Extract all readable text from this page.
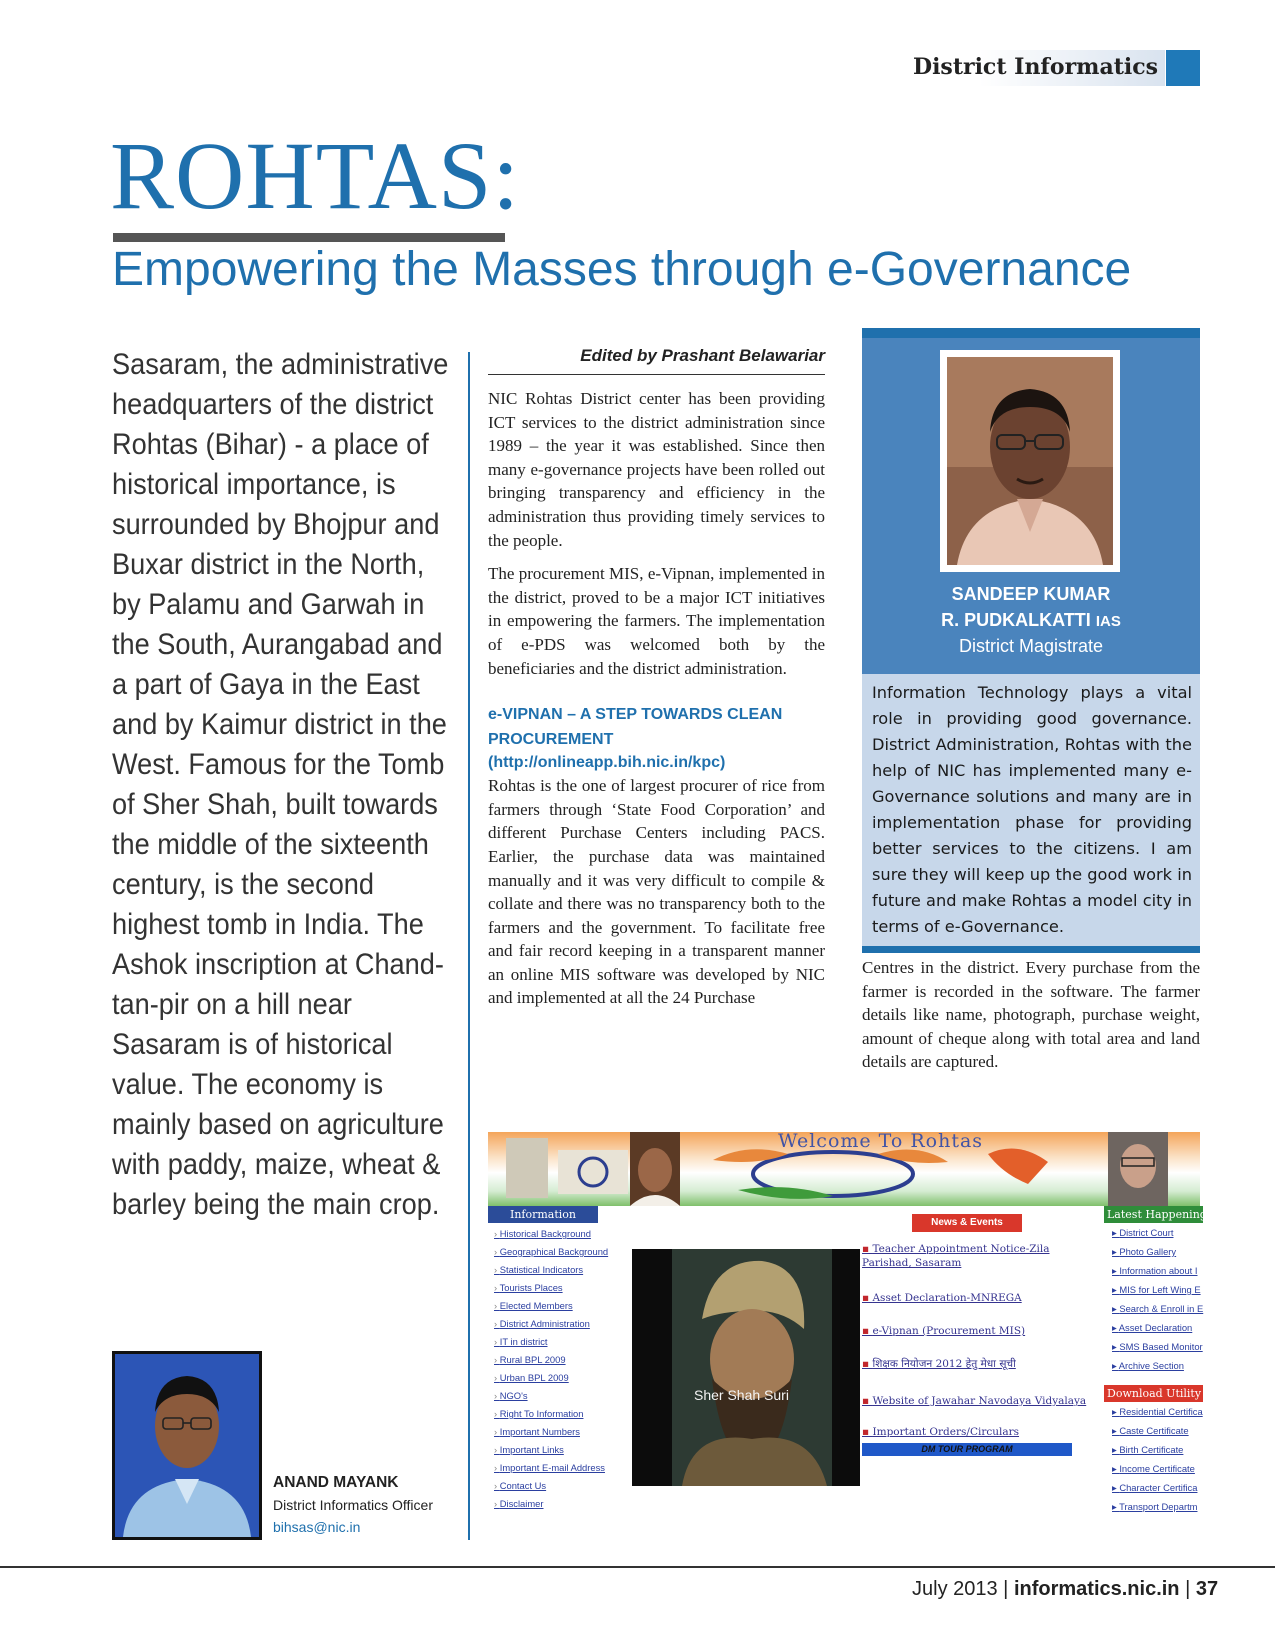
District Informatics
ROHTAS:
Empowering the Masses through e-Governance
Sasaram, the administrative headquarters of the district Rohtas (Bihar) - a place of historical importance, is surrounded by Bhojpur and Buxar district in the North, by Palamu and Garwah in the South, Aurangabad and a part of Gaya in the East and by Kaimur district in the West. Famous for the Tomb of Sher Shah, built towards the middle of the sixteenth century, is the second highest tomb in India. The Ashok inscription at Chand-tan-pir on a hill near Sasaram is of historical value. The economy is mainly based on agriculture with paddy, maize, wheat & barley being the main crop.
Edited by Prashant Belawariar

NIC Rohtas District center has been providing ICT services to the district administration since 1989 – the year it was established. Since then many e-governance projects have been rolled out bringing transparency and efficiency in the administration thus providing timely services to the people.

The procurement MIS, e-Vipnan, implemented in the district, proved to be a major ICT initiatives in empowering the farmers. The implementation of e-PDS was welcomed both by the beneficiaries and the district administration.

e-VIPNAN – A STEP TOWARDS CLEAN
PROCUREMENT
(http://onlineapp.bih.nic.in/kpc)

Rohtas is the one of largest procurer of rice from farmers through ‘State Food Corporation’ and different Purchase Centers including PACS. Earlier, the purchase data was maintained manually and it was very difficult to compile & collate and there was no transparency both to the farmers and the government. To facilitate free and fair record keeping in a transparent manner an online MIS software was developed by NIC and implemented at all the 24 Purchase

SANDEEP KUMAR
R. PUDKALKATTI IAS
District Magistrate
Information Technology plays a vital role in providing good governance. District Administration, Rohtas with the help of NIC has implemented many e-Governance solutions and many are in implementation phase for providing better services to the citizens. I am sure they will keep up the good work in future and make Rohtas a model city in terms of e-Governance.

Centres in the district. Every purchase from the farmer is recorded in the software. The farmer details like name, photograph, purchase weight, amount of cheque along with total area and land details are captured.

Welcome To Rohtas
Information
› Historical Background
› Geographical Background
› Statistical Indicators
› Tourists Places
› Elected Members
› District Administration
› IT in district
› Rural BPL 2009
› Urban BPL 2009
› NGO's
› Right To Information
› Important Numbers
› Important Links
› Important E-mail Address
› Contact Us
› Disclaimer
Sher Shah Suri
News & Events
▪ Teacher Appointment Notice-Zila Parishad, Sasaram
▪ Asset Declaration-MNREGA
▪ e-Vipnan (Procurement MIS)
▪ शिक्षक नियोजन 2012 हेतु मेधा सूची
▪ Website of Jawahar Navodaya Vidyalaya
▪ Important Orders/Circulars
DM TOUR PROGRAM
Latest Happening
▸ District Court
▸ Photo Gallery
▸ Information about I
▸ MIS for Left Wing E
▸ Search & Enroll in E
▸ Asset Declaration
▸ SMS Based Monitor
▸ Archive Section
Download Utility Fo
▸ Residential Certifica
▸ Caste Certificate
▸ Birth Certificate
▸ Income Certificate
▸ Character Certifica
▸ Transport Departm
ANAND MAYANK
District Informatics Officer
bihsas@nic.in
July 2013 | informatics.nic.in | 37
